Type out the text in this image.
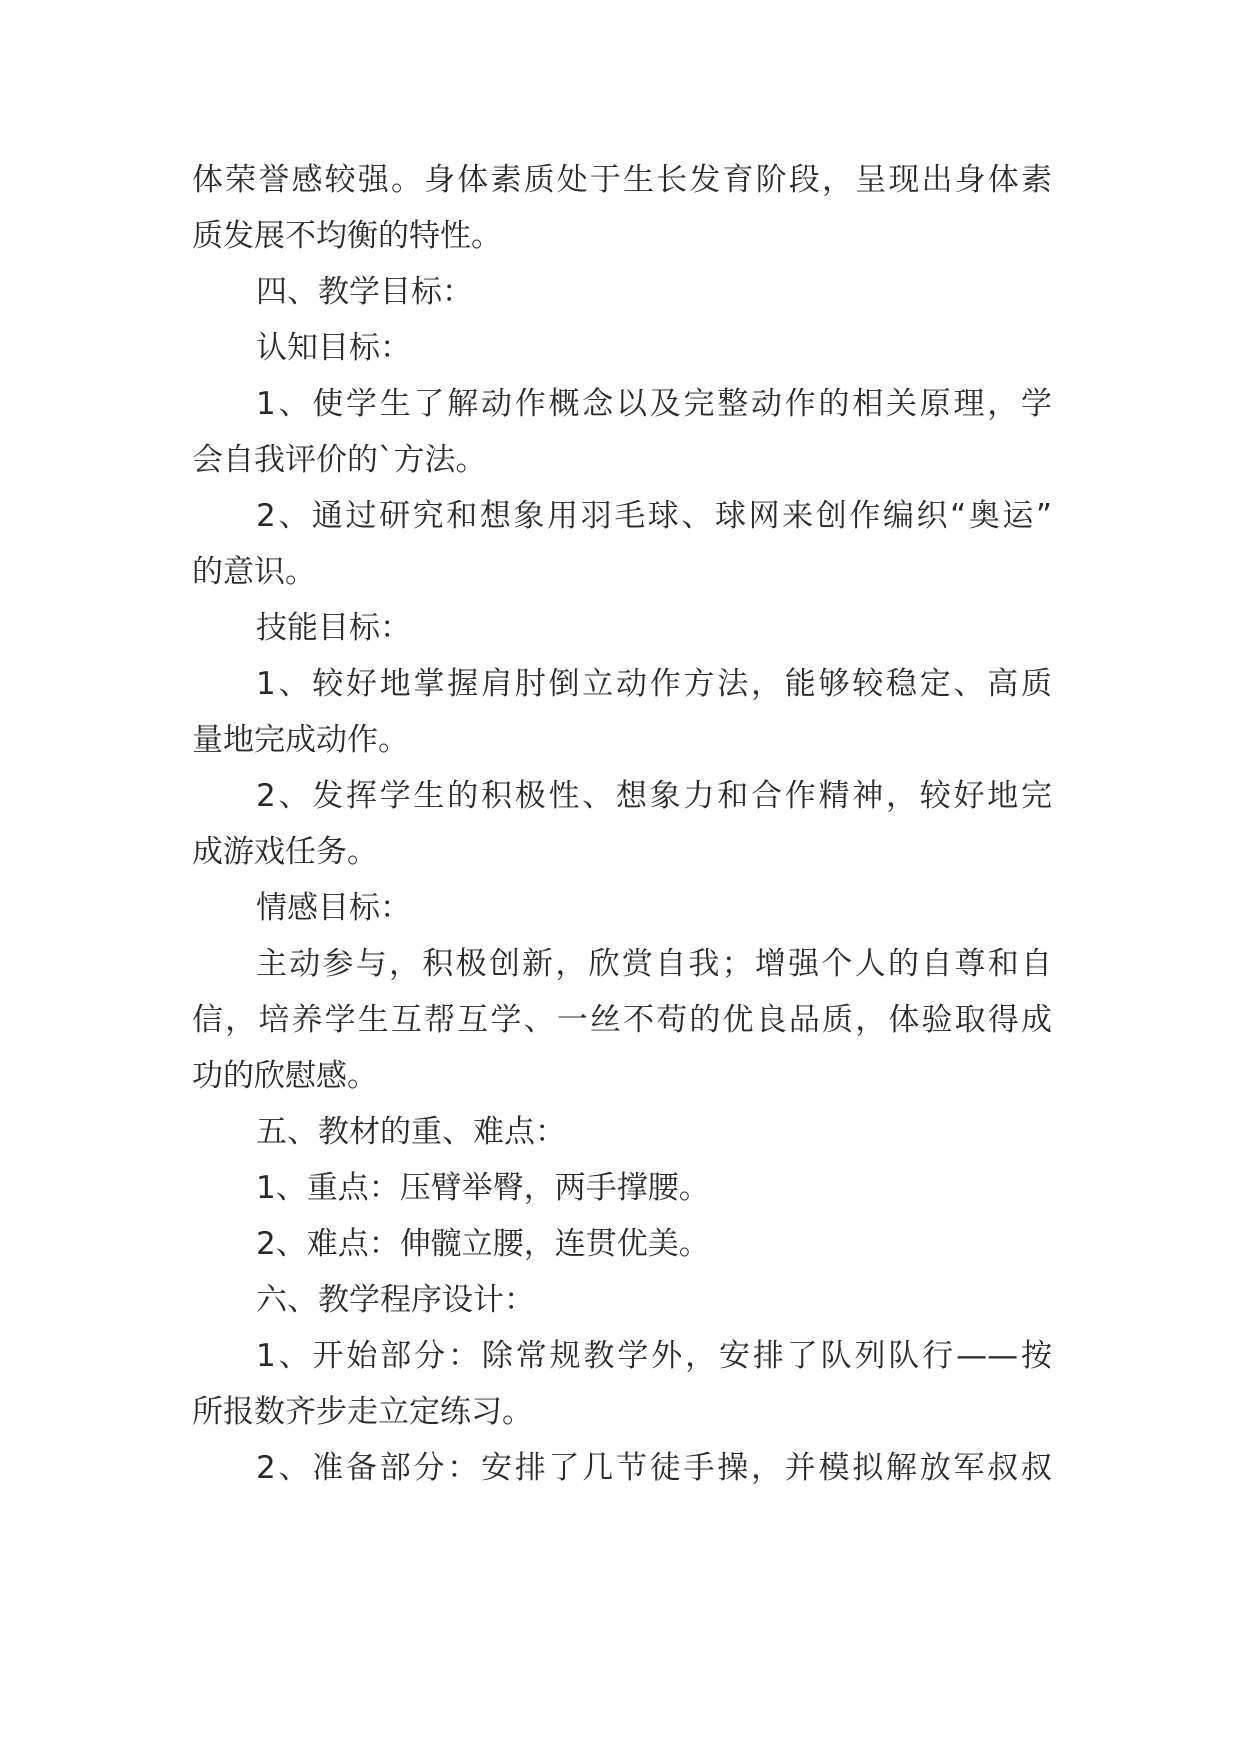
体荣誉感较强。身体素质处于生长发育阶段，呈现出身体素
质发展不均衡的特性。
四、教学目标：
认知目标：
1、使学生了解动作概念以及完整动作的相关原理，学
会自我评价的`方法。
2、通过研究和想象用羽毛球、球网来创作编织“奥运”
的意识。
技能目标：
1、较好地掌握肩肘倒立动作方法，能够较稳定、高质
量地完成动作。
2、发挥学生的积极性、想象力和合作精神，较好地完
成游戏任务。
情感目标：
主动参与，积极创新，欣赏自我；增强个人的自尊和自
信，培养学生互帮互学、一丝不苟的优良品质，体验取得成
功的欣慰感。
五、教材的重、难点：
1、重点：压臂举臀，两手撑腰。
2、难点：伸髋立腰，连贯优美。
六、教学程序设计：
1、开始部分：除常规教学外，安排了队列队行——按
所报数齐步走立定练习。
2、准备部分：安排了几节徒手操，并模拟解放军叔叔
